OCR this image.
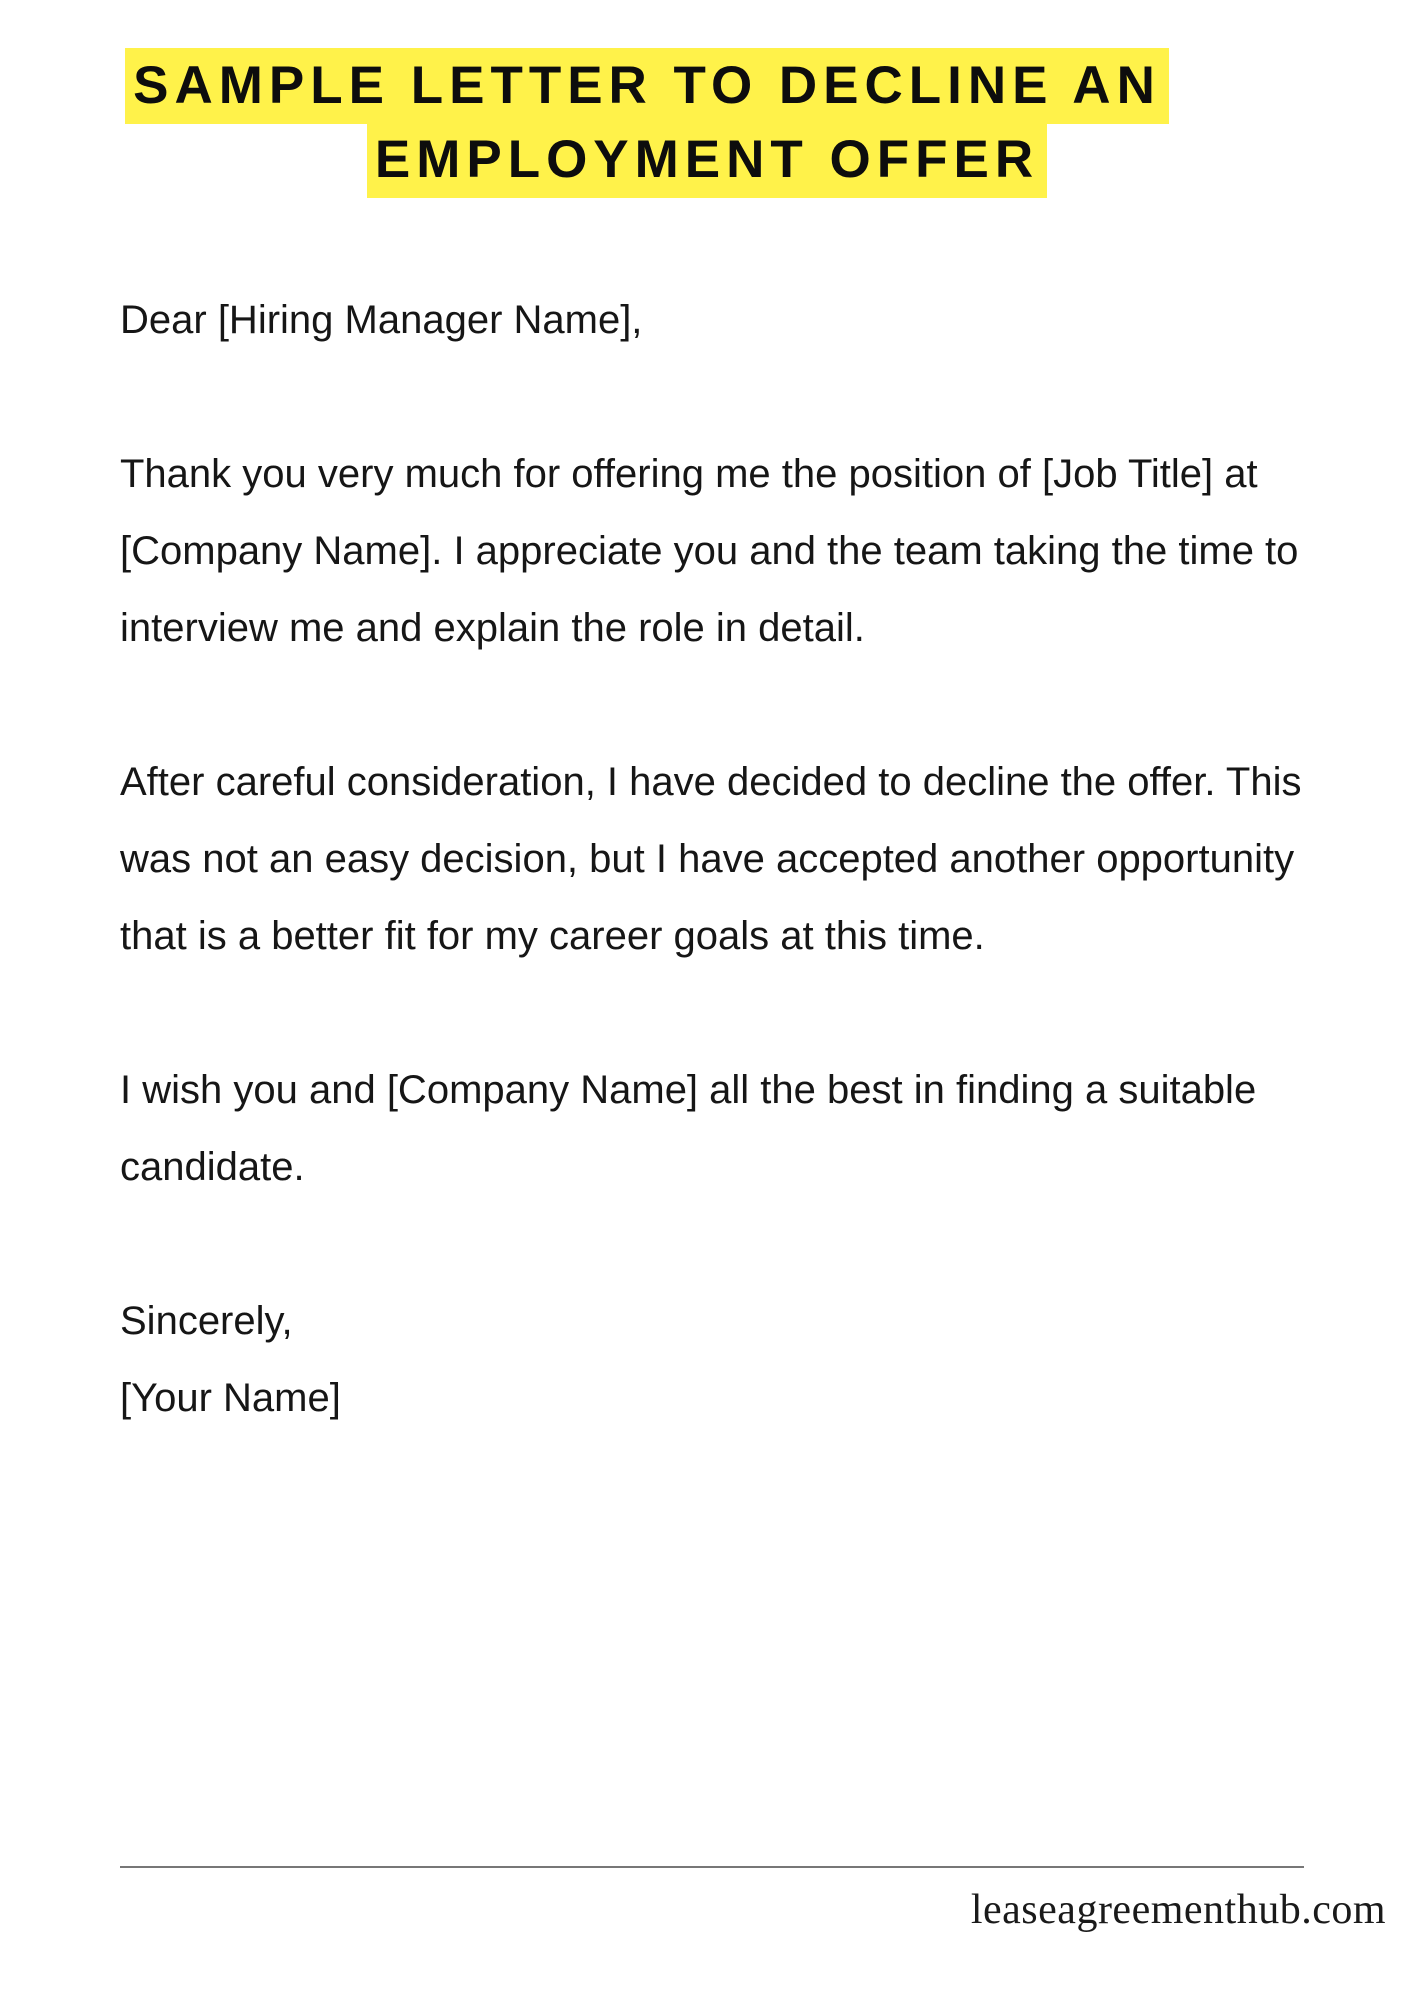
SAMPLE LETTER TO DECLINE AN
EMPLOYMENT OFFER

Dear [Hiring Manager Name],

Thank you very much for offering me the position of [Job Title] at [Company Name]. I appreciate you and the team taking the time to interview me and explain the role in detail.

After careful consideration, I have decided to decline the offer. This was not an easy decision, but I have accepted another opportunity that is a better fit for my career goals at this time.

I wish you and [Company Name] all the best in finding a suitable candidate.

Sincerely,

[Your Name]

leaseagreementhub.com
